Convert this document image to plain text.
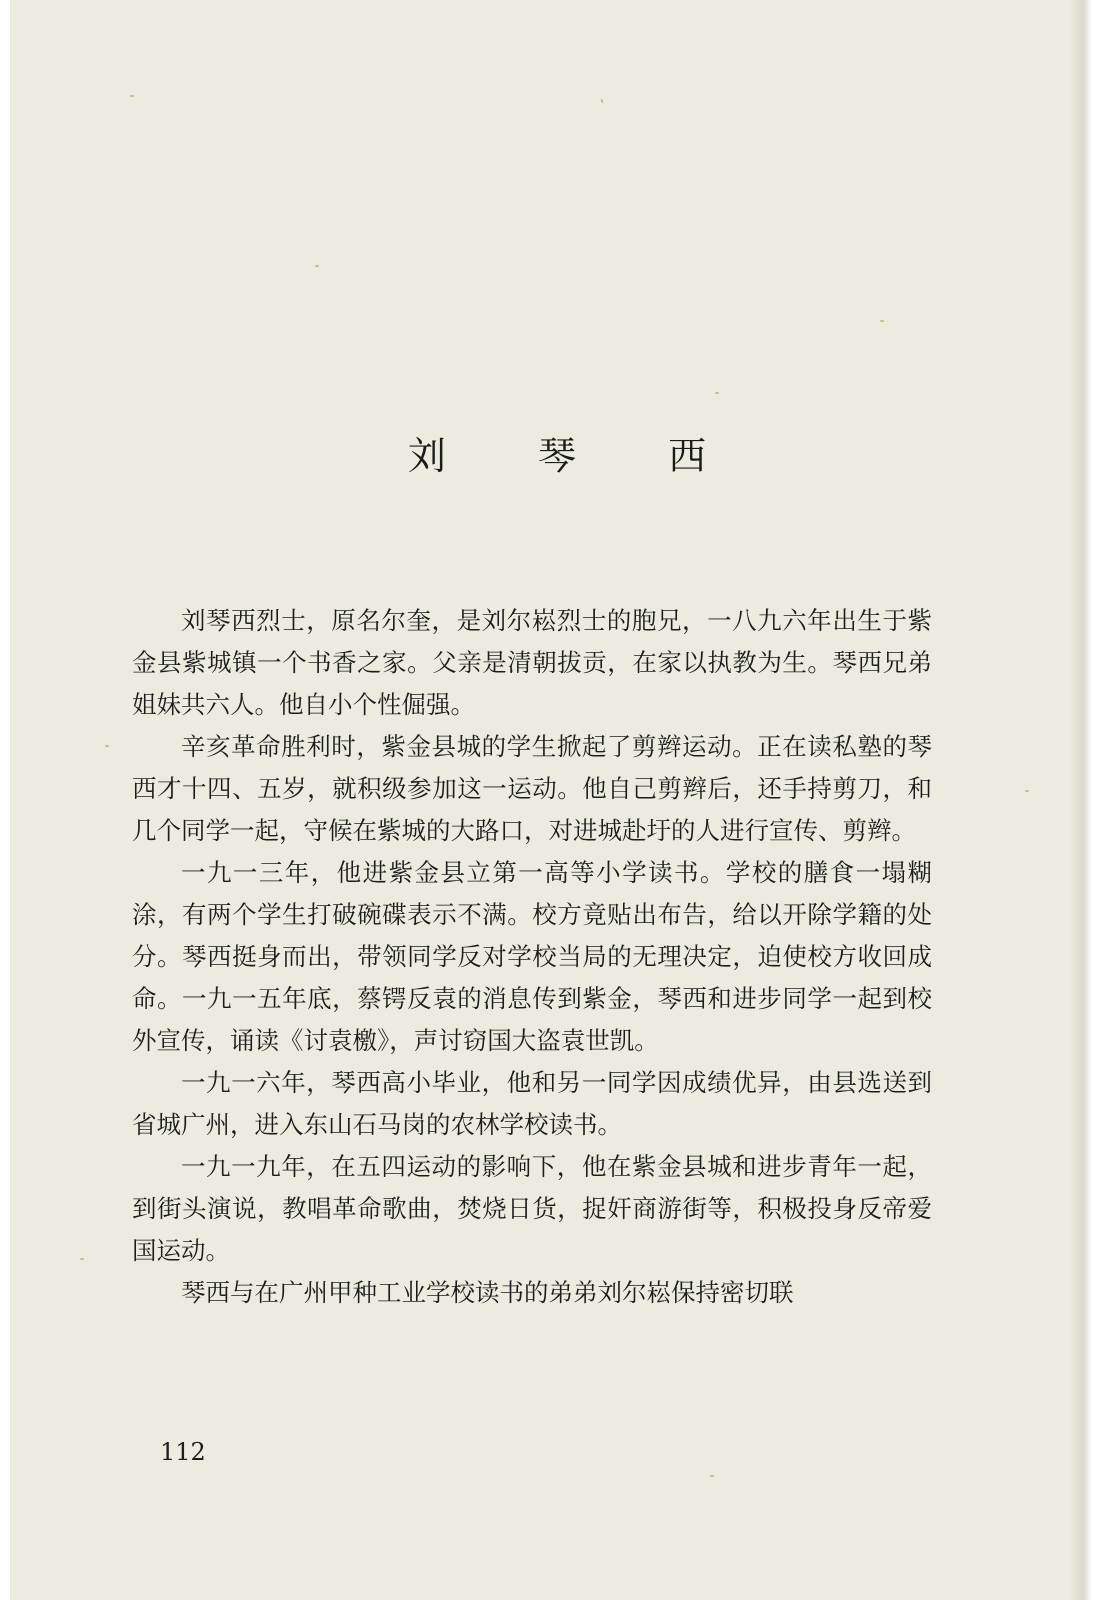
刘 琴 西

刘琴西烈士，原名尔奎，是刘尔崧烈士的胞兄，一八九六年出生于紫金县紫城镇一个书香之家。父亲是清朝拔贡，在家以执教为生。琴西兄弟姐妹共六人。他自小个性倔强。

辛亥革命胜利时，紫金县城的学生掀起了剪辫运动。正在读私塾的琴西才十四、五岁，就积级参加这一运动。他自己剪辫后，还手持剪刀，和几个同学一起，守候在紫城的大路口，对进城赴圩的人进行宣传、剪辫。

一九一三年，他进紫金县立第一高等小学读书。学校的膳食一塌糊涂，有两个学生打破碗碟表示不满。校方竟贴出布告，给以开除学籍的处分。琴西挺身而出，带领同学反对学校当局的无理决定，迫使校方收回成命。一九一五年底，蔡锷反袁的消息传到紫金，琴西和进步同学一起到校外宣传，诵读《讨袁檄》，声讨窃国大盗袁世凯。

一九一六年，琴西高小毕业，他和另一同学因成绩优异，由县选送到省城广州，进入东山石马岗的农林学校读书。

一九一九年，在五四运动的影响下，他在紫金县城和进步青年一起，到街头演说，教唱革命歌曲，焚烧日货，捉奸商游街等，积极投身反帝爱国运动。

琴西与在广州甲种工业学校读书的弟弟刘尔崧保持密切联

112
